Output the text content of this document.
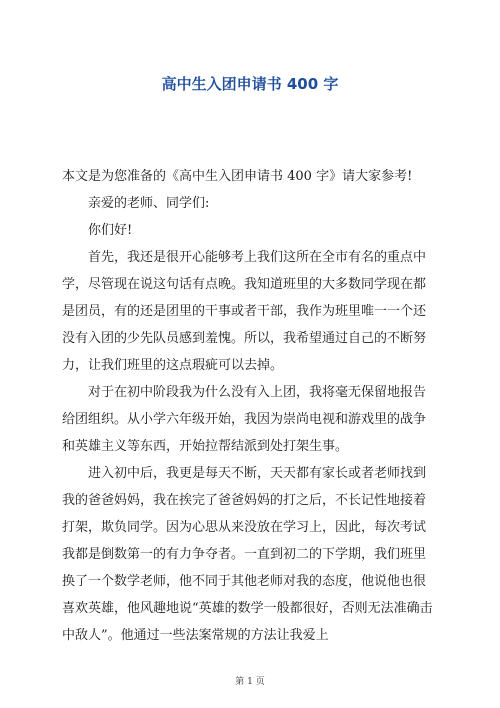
高中生入团申请书 400 字

本文是为您准备的《高中生入团申请书 400 字》请大家参考!

亲爱的老师、同学们:

你们好!

首先，我还是很开心能够考上我们这所在全市有名的重点中学，尽管现在说这句话有点晚。我知道班里的大多数同学现在都是团员，有的还是团里的干事或者干部，我作为班里唯一一个还没有入团的少先队员感到羞愧。所以，我希望通过自己的不断努力，让我们班里的这点瑕疵可以去掉。

对于在初中阶段我为什么没有入上团，我将毫无保留地报告给团组织。从小学六年级开始，我因为崇尚电视和游戏里的战争和英雄主义等东西，开始拉帮结派到处打架生事。

进入初中后，我更是每天不断，天天都有家长或者老师找到我的爸爸妈妈，我在挨完了爸爸妈妈的打之后，不长记性地接着打架，欺负同学。因为心思从来没放在学习上，因此，每次考试我都是倒数第一的有力争夺者。一直到初二的下学期，我们班里换了一个数学老师，他不同于其他老师对我的态度，他说他也很喜欢英雄，他风趣地说“英雄的数学一般都很好，否则无法准确击中敌人”。他通过一些法案常规的方法让我爱上

第 1 页
